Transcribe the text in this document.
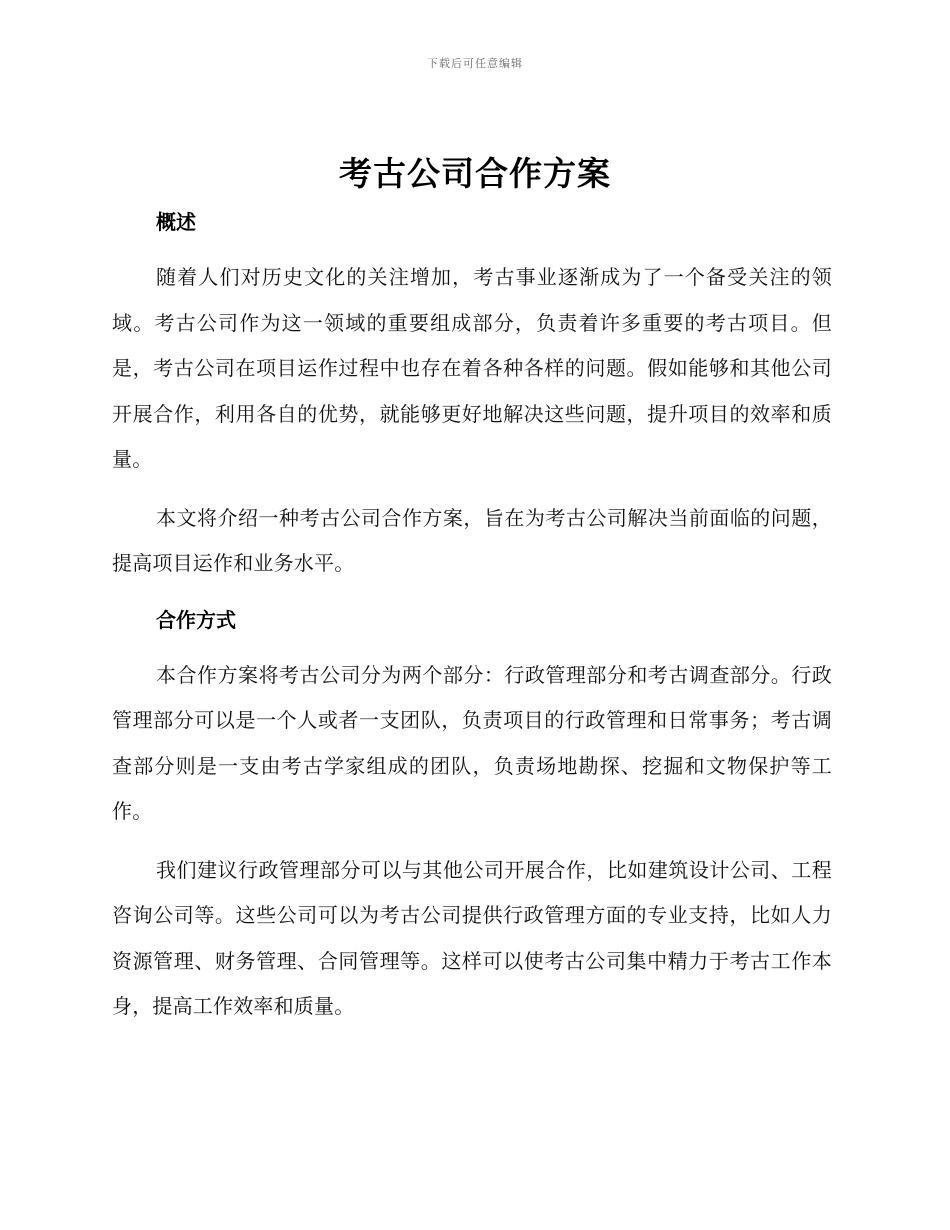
下载后可任意编辑
考古公司合作方案
概述

随着人们对历史文化的关注增加，考古事业逐渐成为了一个备受关注的领域。考古公司作为这一领域的重要组成部分，负责着许多重要的考古项目。但是，考古公司在项目运作过程中也存在着各种各样的问题。假如能够和其他公司开展合作，利用各自的优势，就能够更好地解决这些问题，提升项目的效率和质量。

本文将介绍一种考古公司合作方案，旨在为考古公司解决当前面临的问题，提高项目运作和业务水平。

合作方式

本合作方案将考古公司分为两个部分：行政管理部分和考古调查部分。行政管理部分可以是一个人或者一支团队，负责项目的行政管理和日常事务；考古调查部分则是一支由考古学家组成的团队，负责场地勘探、挖掘和文物保护等工作。

我们建议行政管理部分可以与其他公司开展合作，比如建筑设计公司、工程咨询公司等。这些公司可以为考古公司提供行政管理方面的专业支持，比如人力资源管理、财务管理、合同管理等。这样可以使考古公司集中精力于考古工作本身，提高工作效率和质量。
